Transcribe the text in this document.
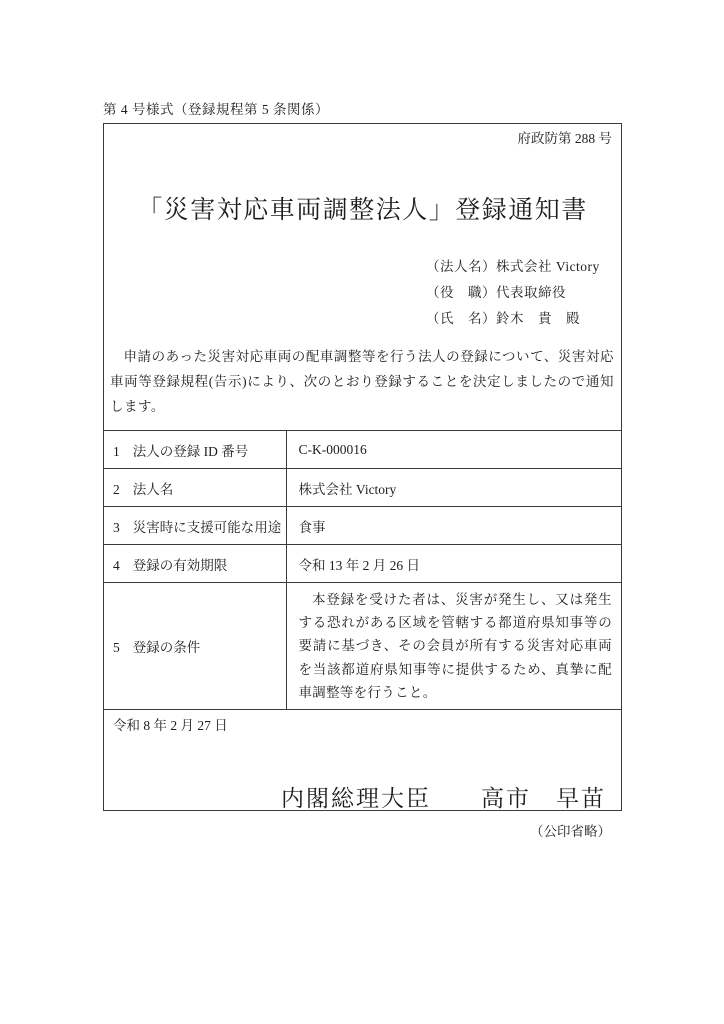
第 4 号様式（登録規程第 5 条関係）
府政防第 288 号
「災害対応車両調整法人」登録通知書
（法人名）株式会社 Victory
（役　職）代表取締役
（氏　名）鈴木　貴　殿
申請のあった災害対応車両の配車調整等を行う法人の登録について、災害対応車両等登録規程(告示)により、次のとおり登録することを決定しましたので通知します。
1 法人の登録 ID 番号	C-K-000016
2 法人名	株式会社 Victory
3 災害時に支援可能な用途	食事
4 登録の有効期限	令和 13 年 2 月 26 日
5 登録の条件	本登録を受けた者は、災害が発生し、又は発生する恐れがある区域を管轄する都道府県知事等の要請に基づき、その会員が所有する災害対応車両を当該都道府県知事等に提供するため、真摯に配車調整等を行うこと。
令和 8 年 2 月 27 日
内閣総理大臣　　高市　早苗
（公印省略）
